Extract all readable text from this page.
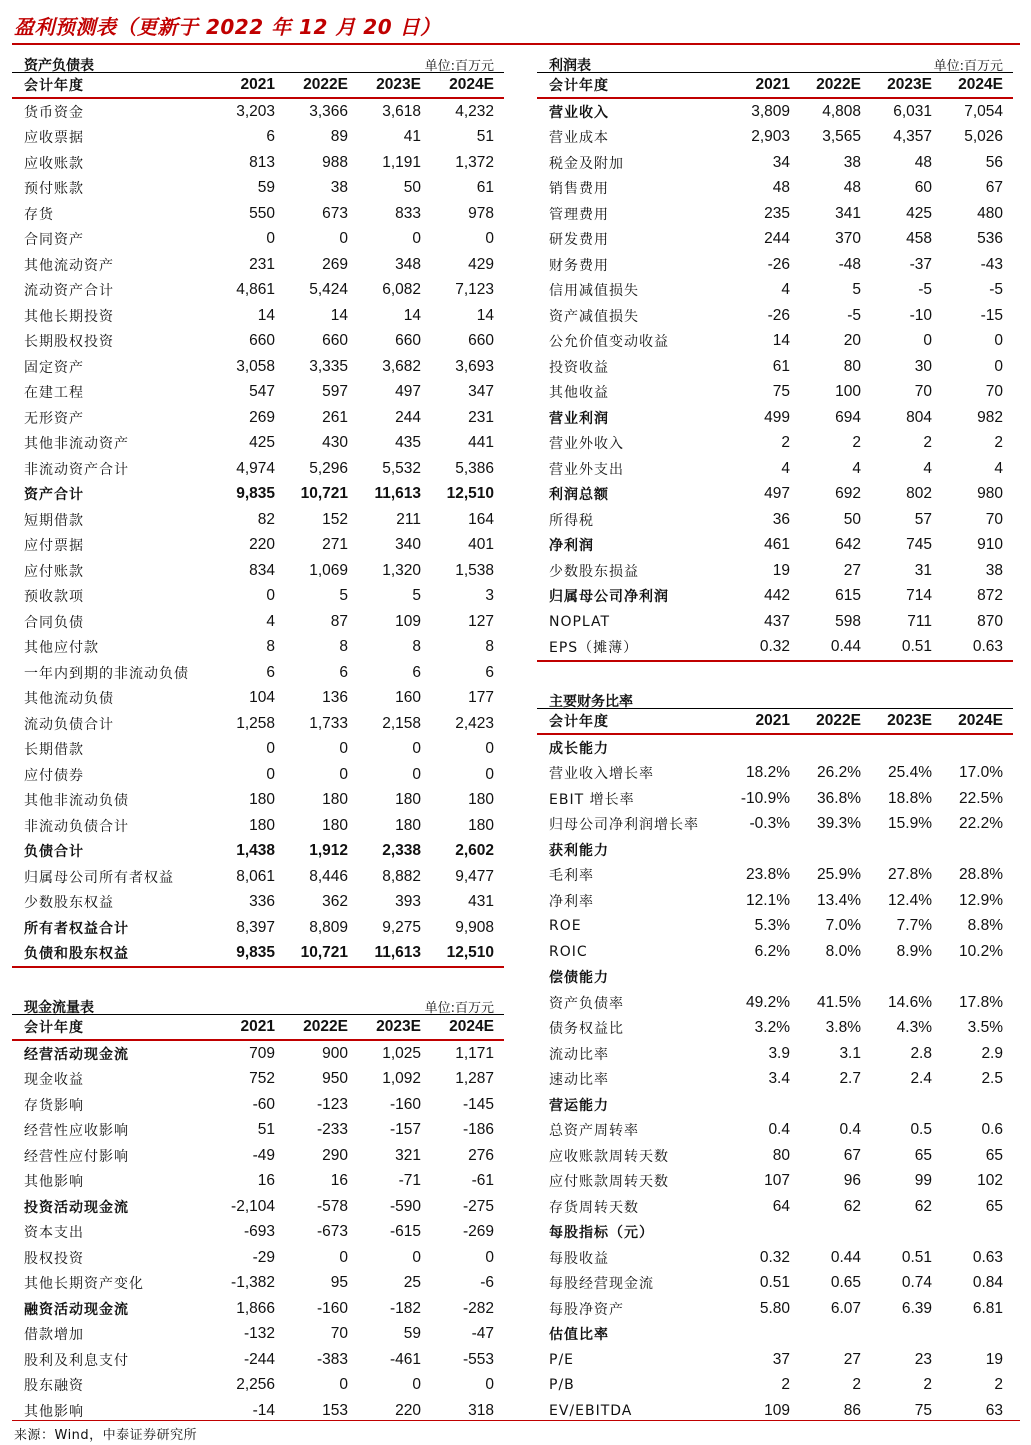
盈利预测表（更新于 2022 年 12 月 20 日）
资产负债表	单位:百万元
会计年度	2021	2022E	2023E	2024E
货币资金	3,203	3,366	3,618	4,232
应收票据	6	89	41	51
应收账款	813	988	1,191	1,372
预付账款	59	38	50	61
存货	550	673	833	978
合同资产	0	0	0	0
其他流动资产	231	269	348	429
流动资产合计	4,861	5,424	6,082	7,123
其他长期投资	14	14	14	14
长期股权投资	660	660	660	660
固定资产	3,058	3,335	3,682	3,693
在建工程	547	597	497	347
无形资产	269	261	244	231
其他非流动资产	425	430	435	441
非流动资产合计	4,974	5,296	5,532	5,386
资产合计	9,835	10,721	11,613	12,510
短期借款	82	152	211	164
应付票据	220	271	340	401
应付账款	834	1,069	1,320	1,538
预收款项	0	5	5	3
合同负债	4	87	109	127
其他应付款	8	8	8	8
一年内到期的非流动负债	6	6	6	6
其他流动负债	104	136	160	177
流动负债合计	1,258	1,733	2,158	2,423
长期借款	0	0	0	0
应付债券	0	0	0	0
其他非流动负债	180	180	180	180
非流动负债合计	180	180	180	180
负债合计	1,438	1,912	2,338	2,602
归属母公司所有者权益	8,061	8,446	8,882	9,477
少数股东权益	336	362	393	431
所有者权益合计	8,397	8,809	9,275	9,908
负债和股东权益	9,835	10,721	11,613	12,510
现金流量表	单位:百万元
会计年度	2021	2022E	2023E	2024E
经营活动现金流	709	900	1,025	1,171
现金收益	752	950	1,092	1,287
存货影响	-60	-123	-160	-145
经营性应收影响	51	-233	-157	-186
经营性应付影响	-49	290	321	276
其他影响	16	16	-71	-61
投资活动现金流	-2,104	-578	-590	-275
资本支出	-693	-673	-615	-269
股权投资	-29	0	0	0
其他长期资产变化	-1,382	95	25	-6
融资活动现金流	1,866	-160	-182	-282
借款增加	-132	70	59	-47
股利及利息支付	-244	-383	-461	-553
股东融资	2,256	0	0	0
其他影响	-14	153	220	318
利润表	单位:百万元
会计年度	2021	2022E	2023E	2024E
营业收入	3,809	4,808	6,031	7,054
营业成本	2,903	3,565	4,357	5,026
税金及附加	34	38	48	56
销售费用	48	48	60	67
管理费用	235	341	425	480
研发费用	244	370	458	536
财务费用	-26	-48	-37	-43
信用减值损失	4	5	-5	-5
资产减值损失	-26	-5	-10	-15
公允价值变动收益	14	20	0	0
投资收益	61	80	30	0
其他收益	75	100	70	70
营业利润	499	694	804	982
营业外收入	2	2	2	2
营业外支出	4	4	4	4
利润总额	497	692	802	980
所得税	36	50	57	70
净利润	461	642	745	910
少数股东损益	19	27	31	38
归属母公司净利润	442	615	714	872
NOPLAT	437	598	711	870
EPS（摊薄）	0.32	0.44	0.51	0.63
主要财务比率
会计年度	2021	2022E	2023E	2024E
成长能力				
营业收入增长率	18.2%	26.2%	25.4%	17.0%
EBIT 增长率	-10.9%	36.8%	18.8%	22.5%
归母公司净利润增长率	-0.3%	39.3%	15.9%	22.2%
获利能力				
毛利率	23.8%	25.9%	27.8%	28.8%
净利率	12.1%	13.4%	12.4%	12.9%
ROE	5.3%	7.0%	7.7%	8.8%
ROIC	6.2%	8.0%	8.9%	10.2%
偿债能力				
资产负债率	49.2%	41.5%	14.6%	17.8%
债务权益比	3.2%	3.8%	4.3%	3.5%
流动比率	3.9	3.1	2.8	2.9
速动比率	3.4	2.7	2.4	2.5
营运能力				
总资产周转率	0.4	0.4	0.5	0.6
应收账款周转天数	80	67	65	65
应付账款周转天数	107	96	99	102
存货周转天数	64	62	62	65
每股指标（元）				
每股收益	0.32	0.44	0.51	0.63
每股经营现金流	0.51	0.65	0.74	0.84
每股净资产	5.80	6.07	6.39	6.81
估值比率				
P/E	37	27	23	19
P/B	2	2	2	2
EV/EBITDA	109	86	75	63
来源：Wind，中泰证券研究所
